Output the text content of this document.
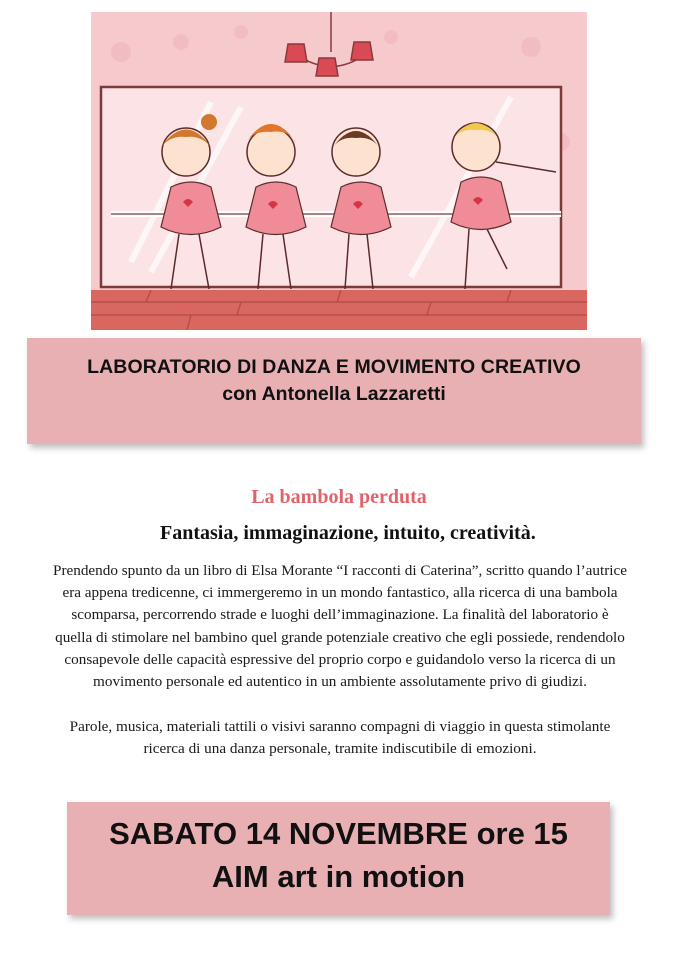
LABORATORIO DI DANZA E MOVIMENTO CREATIVO
con Antonella Lazzaretti
La bambola perduta
Fantasia, immaginazione, intuito, creatività.
Prendendo spunto da un libro di Elsa Morante “I racconti di Caterina”, scritto quando l’autrice era appena tredicenne, ci immergeremo in un mondo fantastico, alla ricerca di una bambola scomparsa, percorrendo strade e luoghi dell’immaginazione. La finalità del laboratorio è quella di stimolare nel bambino quel grande potenziale creativo che egli possiede, rendendolo consapevole delle capacità espressive del proprio corpo e guidandolo verso la ricerca di un movimento personale ed autentico in un ambiente assolutamente privo di giudizi.
Parole, musica, materiali tattili o visivi saranno compagni di viaggio in questa stimolante ricerca di una danza personale, tramite indiscutibile di emozioni.
SABATO 14 NOVEMBRE ore 15
AIM art in motion
